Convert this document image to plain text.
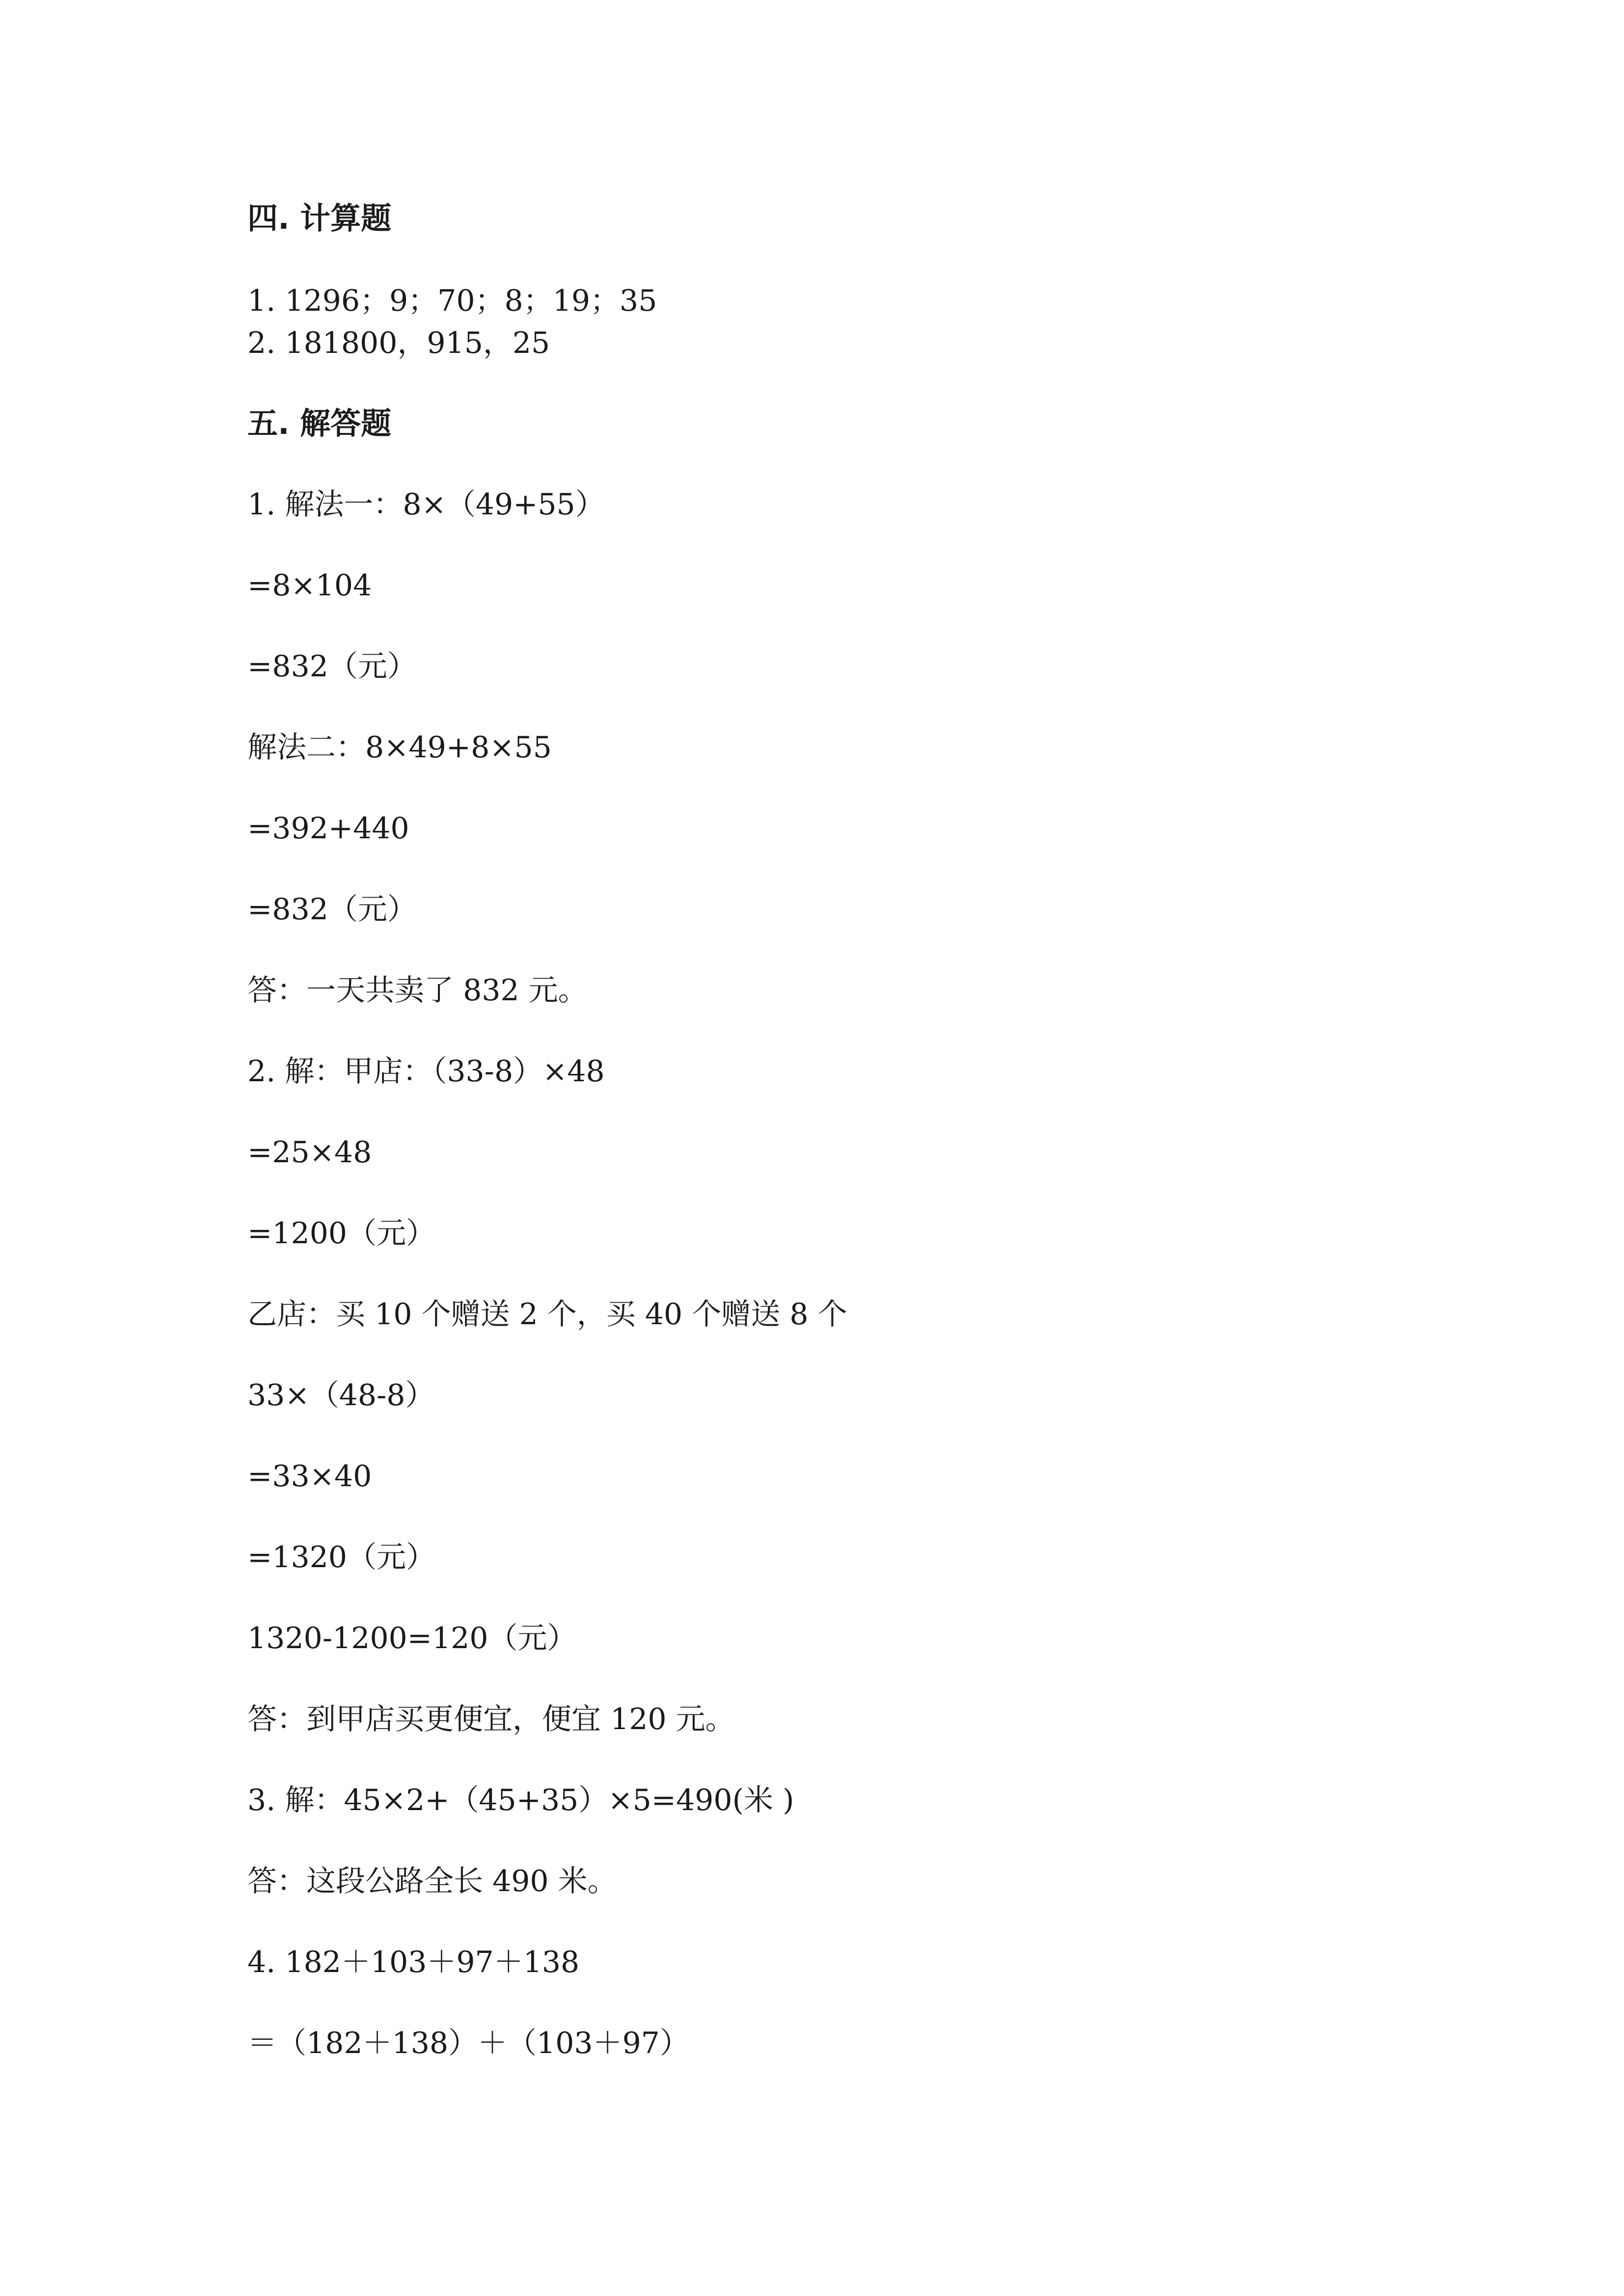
四. 计算题
1. 1296；9；70；8；19；35
2. 181800，915，25
五. 解答题
1. 解法一：8×（49+55）
=8×104
=832（元）
解法二：8×49+8×55
=392+440
=832（元）
答：一天共卖了 832 元。
2. 解：甲店：（33-8）×48
=25×48
=1200（元）
乙店：买 10 个赠送 2 个，买 40 个赠送 8 个
33×（48-8）
=33×40
=1320（元）
1320-1200=120（元）
答：到甲店买更便宜，便宜 120 元。
3. 解：45×2+（45+35）×5=490(米 )
答：这段公路全长 490 米。
4. 182＋103＋97＋138
＝（182＋138）＋（103＋97）
